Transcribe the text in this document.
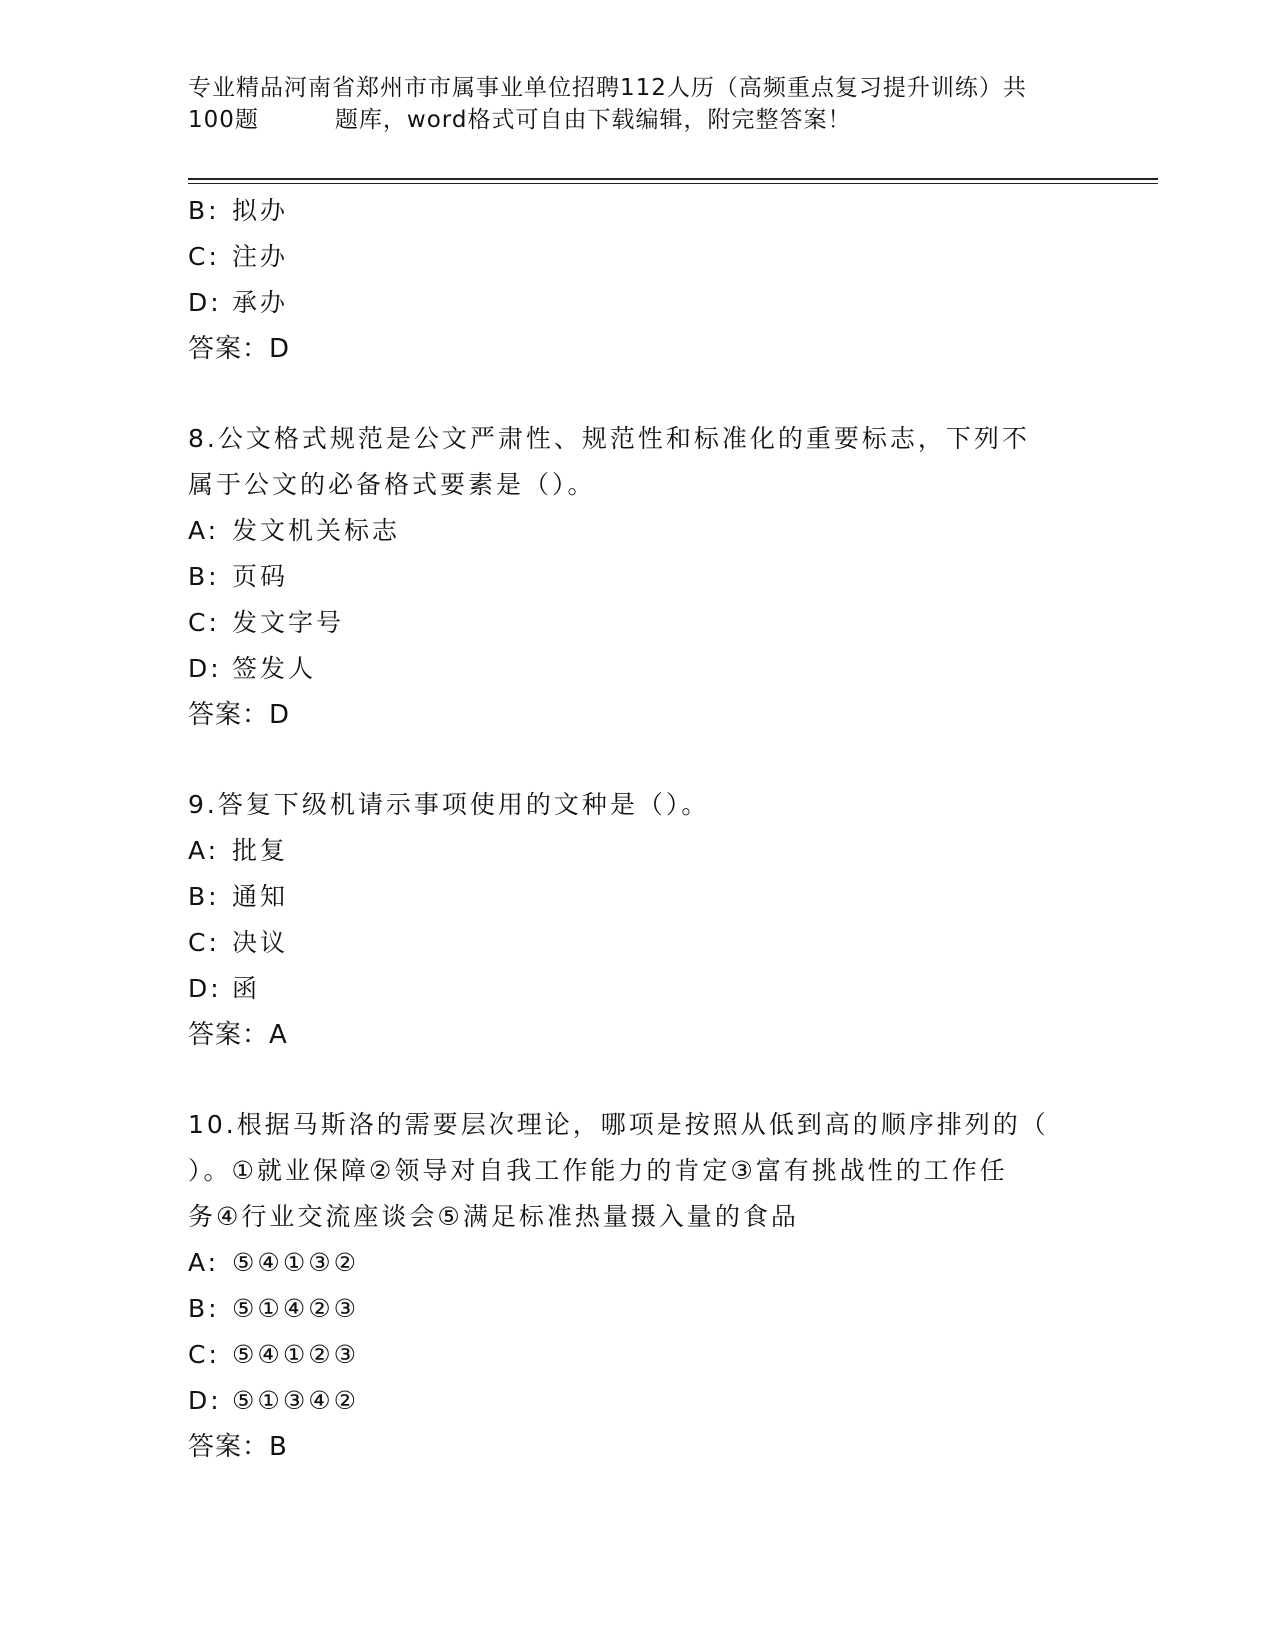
专业精品河南省郑州市市属事业单位招聘112人历（高频重点复习提升训练）共
100题	题库，word格式可自由下载编辑，附完整答案！
B: 拟办
C: 注办
D: 承办
答案：D
8.公文格式规范是公文严肃性、规范性和标准化的重要标志，下列不
属于公文的必备格式要素是（）。
A: 发文机关标志
B: 页码
C: 发文字号
D: 签发人
答案：D
9.答复下级机请示事项使用的文种是（）。
A: 批复
B: 通知
C: 决议
D: 函
答案：A
10.根据马斯洛的需要层次理论，哪项是按照从低到高的顺序排列的（
）。①就业保障②领导对自我工作能力的肯定③富有挑战性的工作任
务④行业交流座谈会⑤满足标准热量摄入量的食品
A: ⑤④①③②
B: ⑤①④②③
C: ⑤④①②③
D: ⑤①③④②
答案：B
